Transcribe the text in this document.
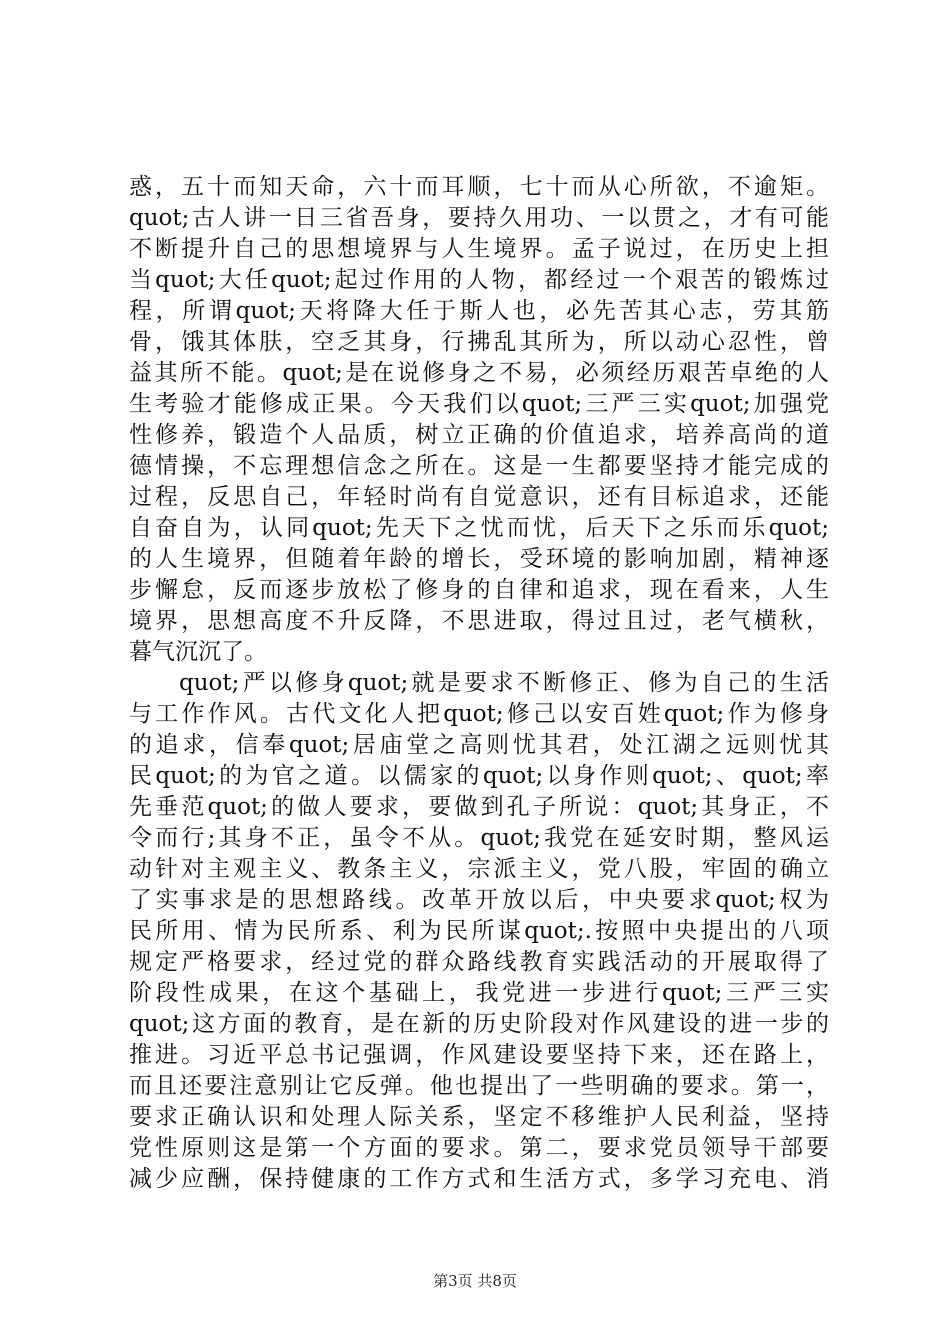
惑，五十而知天命，六十而耳顺，七十而从心所欲，不逾矩。
quot;古人讲一日三省吾身，要持久用功、一以贯之，才有可能
不断提升自己的思想境界与人生境界。孟子说过，在历史上担
当quot;大任quot;起过作用的人物，都经过一个艰苦的锻炼过
程，所谓quot;天将降大任于斯人也，必先苦其心志，劳其筋
骨，饿其体肤，空乏其身，行拂乱其所为，所以动心忍性，曾
益其所不能。quot;是在说修身之不易，必须经历艰苦卓绝的人
生考验才能修成正果。今天我们以quot;三严三实quot;加强党
性修养，锻造个人品质，树立正确的价值追求，培养高尚的道
德情操，不忘理想信念之所在。这是一生都要坚持才能完成的
过程，反思自己，年轻时尚有自觉意识，还有目标追求，还能
自奋自为，认同quot;先天下之忧而忧，后天下之乐而乐quot;
的人生境界，但随着年龄的增长，受环境的影响加剧，精神逐
步懈怠，反而逐步放松了修身的自律和追求，现在看来，人生
境界，思想高度不升反降，不思进取，得过且过，老气横秋，
暮气沉沉了。
quot;严以修身quot;就是要求不断修正、修为自己的生活
与工作作风。古代文化人把quot;修己以安百姓quot;作为修身
的追求，信奉quot;居庙堂之高则忧其君，处江湖之远则忧其
民quot;的为官之道。以儒家的quot;以身作则quot;、quot;率
先垂范quot;的做人要求，要做到孔子所说：quot;其身正，不
令而行;其身不正，虽令不从。quot;我党在延安时期，整风运
动针对主观主义、教条主义，宗派主义，党八股，牢固的确立
了实事求是的思想路线。改革开放以后，中央要求quot;权为
民所用、情为民所系、利为民所谋quot;.按照中央提出的八项
规定严格要求，经过党的群众路线教育实践活动的开展取得了
阶段性成果，在这个基础上，我党进一步进行quot;三严三实
quot;这方面的教育，是在新的历史阶段对作风建设的进一步的
推进。习近平总书记强调，作风建设要坚持下来，还在路上，
而且还要注意别让它反弹。他也提出了一些明确的要求。第一，
要求正确认识和处理人际关系，坚定不移维护人民利益，坚持
党性原则这是第一个方面的要求。第二，要求党员领导干部要
减少应酬，保持健康的工作方式和生活方式，多学习充电、消
第3页 共8页
